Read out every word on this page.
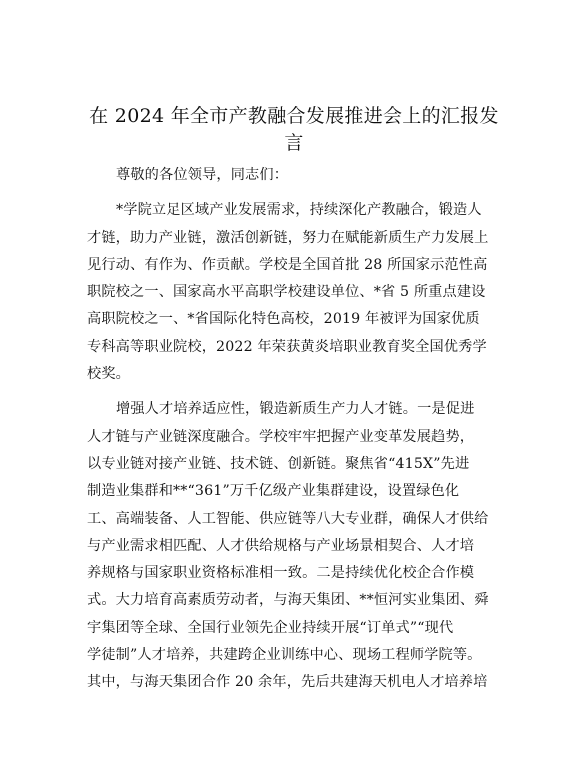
在 2024 年全市产教融合发展推进会上的汇报发
言
尊敬的各位领导，同志们：
*学院立足区域产业发展需求，持续深化产教融合，锻造人
才链，助力产业链，激活创新链，努力在赋能新质生产力发展上
见行动、有作为、作贡献。学校是全国首批 28 所国家示范性高
职院校之一、国家高水平高职学校建设单位、*省 5 所重点建设
高职院校之一、*省国际化特色高校，2019 年被评为国家优质
专科高等职业院校，2022 年荣获黄炎培职业教育奖全国优秀学
校奖。
增强人才培养适应性，锻造新质生产力人才链。一是促进
人才链与产业链深度融合。学校牢牢把握产业变革发展趋势，
以专业链对接产业链、技术链、创新链。聚焦省“415X”先进
制造业集群和**“361”万千亿级产业集群建设，设置绿色化
工、高端装备、人工智能、供应链等八大专业群，确保人才供给
与产业需求相匹配、人才供给规格与产业场景相契合、人才培
养规格与国家职业资格标准相一致。二是持续优化校企合作模
式。大力培育高素质劳动者，与海天集团、**恒河实业集团、舜
宇集团等全球、全国行业领先企业持续开展“订单式”“现代
学徒制”人才培养，共建跨企业训练中心、现场工程师学院等。
其中，与海天集团合作 20 余年，先后共建海天机电人才培养培
